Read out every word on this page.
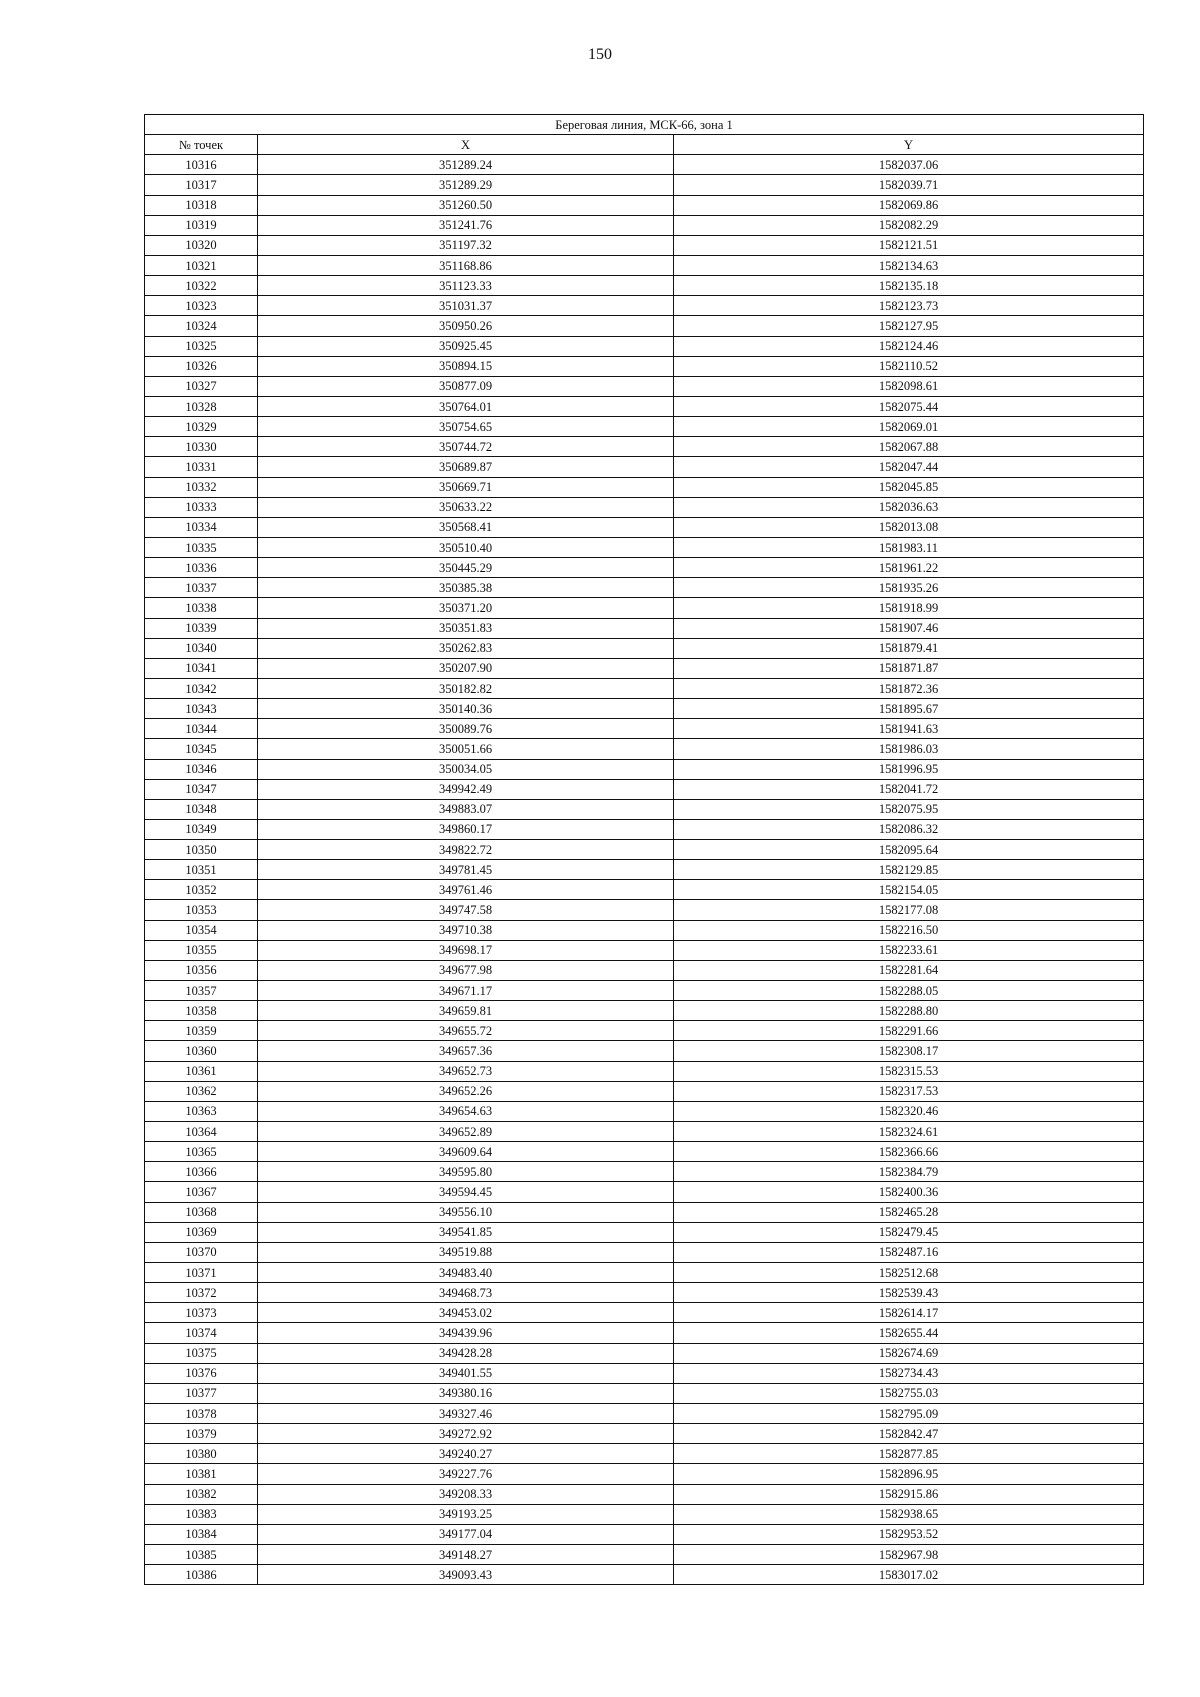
150
Береговая линия, МСК-66, зона 1		
№ точек	X	Y
10316	351289.24	1582037.06
10317	351289.29	1582039.71
10318	351260.50	1582069.86
10319	351241.76	1582082.29
10320	351197.32	1582121.51
10321	351168.86	1582134.63
10322	351123.33	1582135.18
10323	351031.37	1582123.73
10324	350950.26	1582127.95
10325	350925.45	1582124.46
10326	350894.15	1582110.52
10327	350877.09	1582098.61
10328	350764.01	1582075.44
10329	350754.65	1582069.01
10330	350744.72	1582067.88
10331	350689.87	1582047.44
10332	350669.71	1582045.85
10333	350633.22	1582036.63
10334	350568.41	1582013.08
10335	350510.40	1581983.11
10336	350445.29	1581961.22
10337	350385.38	1581935.26
10338	350371.20	1581918.99
10339	350351.83	1581907.46
10340	350262.83	1581879.41
10341	350207.90	1581871.87
10342	350182.82	1581872.36
10343	350140.36	1581895.67
10344	350089.76	1581941.63
10345	350051.66	1581986.03
10346	350034.05	1581996.95
10347	349942.49	1582041.72
10348	349883.07	1582075.95
10349	349860.17	1582086.32
10350	349822.72	1582095.64
10351	349781.45	1582129.85
10352	349761.46	1582154.05
10353	349747.58	1582177.08
10354	349710.38	1582216.50
10355	349698.17	1582233.61
10356	349677.98	1582281.64
10357	349671.17	1582288.05
10358	349659.81	1582288.80
10359	349655.72	1582291.66
10360	349657.36	1582308.17
10361	349652.73	1582315.53
10362	349652.26	1582317.53
10363	349654.63	1582320.46
10364	349652.89	1582324.61
10365	349609.64	1582366.66
10366	349595.80	1582384.79
10367	349594.45	1582400.36
10368	349556.10	1582465.28
10369	349541.85	1582479.45
10370	349519.88	1582487.16
10371	349483.40	1582512.68
10372	349468.73	1582539.43
10373	349453.02	1582614.17
10374	349439.96	1582655.44
10375	349428.28	1582674.69
10376	349401.55	1582734.43
10377	349380.16	1582755.03
10378	349327.46	1582795.09
10379	349272.92	1582842.47
10380	349240.27	1582877.85
10381	349227.76	1582896.95
10382	349208.33	1582915.86
10383	349193.25	1582938.65
10384	349177.04	1582953.52
10385	349148.27	1582967.98
10386	349093.43	1583017.02
